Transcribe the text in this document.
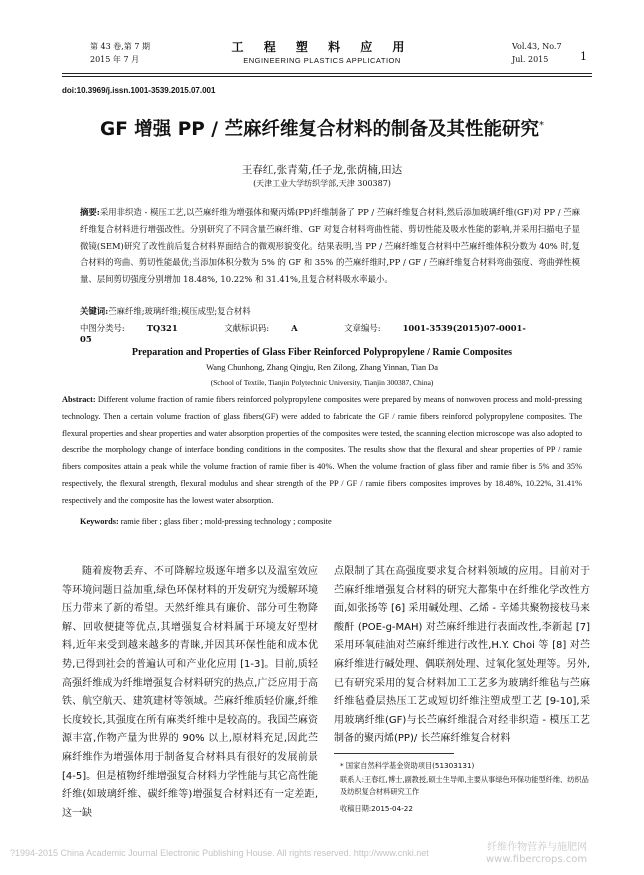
第 43 卷,第 7 期
2015 年 7 月
工 程 塑 料 应 用
ENGINEERING PLASTICS APPLICATION
Vol.43, No.7
Jul. 2015	1
doi:10.3969/j.issn.1001-3539.2015.07.001
GF 增强 PP / 苎麻纤维复合材料的制备及其性能研究*
王春红,张青菊,任子龙,张荫楠,田达
(天津工业大学纺织学部,天津 300387)
摘要:采用非织造 - 模压工艺,以苎麻纤维为增强体和聚丙烯(PP)纤维制备了 PP / 苎麻纤维复合材料,然后添加玻璃纤维(GF)对 PP / 苎麻纤维复合材料进行增强改性。分别研究了不同含量苎麻纤维、GF 对复合材料弯曲性能、剪切性能及吸水性能的影响,并采用扫描电子显微镜(SEM)研究了改性前后复合材料界面结合的微观形貌变化。结果表明,当 PP / 苎麻纤维复合材料中苎麻纤维体积分数为 40% 时,复合材料的弯曲、剪切性能最优;当添加体积分数为 5% 的 GF 和 35% 的苎麻纤维时,PP / GF / 苎麻纤维复合材料弯曲强度、弯曲弹性模量、层间剪切强度分别增加 18.48%, 10.22% 和 31.41%,且复合材料吸水率最小。
关键词:苎麻纤维;玻璃纤维;模压成型;复合材料
中图分类号:	TQ321	文献标识码:	A	文章编号:	1001-3539(2015)07-0001-05
Preparation and Properties of Glass Fiber Reinforced Polypropylene / Ramie Composites
Wang Chunhong, Zhang Qingju, Ren Zilong, Zhang Yinnan, Tian Da
(School of Textile, Tianjin Polytechnic University, Tianjin 300387, China)
Abstract: Different volume fraction of ramie fibers reinforced polypropylene composites were prepared by means of nonwoven process and mold-pressing technology. Then a certain volume fraction of glass fibers(GF) were added to fabricate the GF / ramie fibers reinforcd polypropylene composites. The flexural properties and shear properties and water absorption properties of the composites were tested, the scanning election microscope was also adopted to describe the morphology change of interface bonding conditions in the composites. The results show that the flexural and shear properties of PP / ramie fibers composites attain a peak while the volume fraction of ramie fiber is 40%. When the volume fraction of glass fiber and ramie fiber is 5% and 35% respectively, the flexural strength, flexural modulus and shear strength of the PP / GF / ramie fibers composites improves by 18.48%, 10.22%, 31.41% respectively and the composite has the lowest water absorption.
Keywords: ramie fiber ; glass fiber ; mold-pressing technology ; composite

随着废物丢弃、不可降解垃圾逐年增多以及温室效应等环境问题日益加重,绿色环保材料的开发研究为缓解环境压力带来了新的希望。天然纤维具有廉价、部分可生物降解、回收便捷等优点,其增强复合材料属于环境友好型材料,近年来受到越来越多的青睐,并因其环保性能和成本优势,已得到社会的普遍认可和产业化应用 [1-3]。目前,质轻高强纤维成为纤维增强复合材料研究的热点,广泛应用于高铁、航空航天、建筑建材等领域。苎麻纤维质轻价廉,纤维长度较长,其强度在所有麻类纤维中是较高的。我国苎麻资源丰富,作物产量为世界的 90% 以上,原材料充足,因此苎麻纤维作为增强体用于制备复合材料具有很好的发展前景 [4-5]。但是植物纤维增强复合材料力学性能与其它高性能纤维(如玻璃纤维、碳纤维等)增强复合材料还有一定差距,这一缺

点限制了其在高强度要求复合材料领域的应用。目前对于苎麻纤维增强复合材料的研究大都集中在纤维化学改性方面,如张扬等 [6] 采用碱处理、乙烯 - 辛烯共聚物接枝马来酸酐 (POE-g-MAH) 对苎麻纤维进行表面改性,李新起 [7] 采用环氧硅油对苎麻纤维进行改性,H.Y. Choi 等 [8] 对苎麻纤维进行碱处理、偶联剂处理、过氧化氢处理等。另外,已有研究采用的复合材料加工工艺多为玻璃纤维毡与苎麻纤维毡叠层热压工艺或短切纤维注塑成型工艺 [9-10],采用玻璃纤维(GF)与长苎麻纤维混合对经非织造 - 模压工艺制备的聚丙烯(PP)/ 长苎麻纤维复合材料

* 国家自然科学基金资助项目(51303131)
联系人:王春红,博士,副教授,硕士生导师,主要从事绿色环保功能型纤维、纺织品及纺织复合材料研究工作
收稿日期:2015-04-22
?1994-2015 China Academic Journal Electronic Publishing House. All rights reserved. http://www.cnki.net	纤维作物营养与施肥网
www.fibercrops.com
